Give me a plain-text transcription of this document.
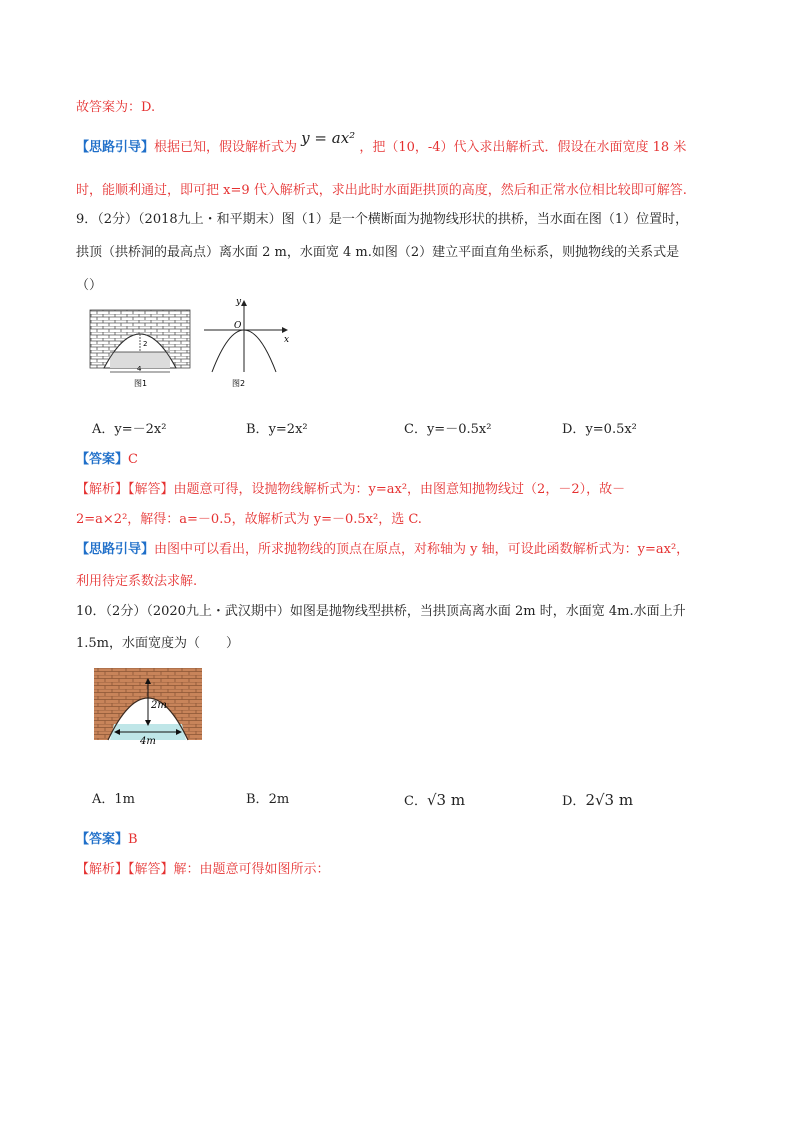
故答案为：D.
【思路引导】根据已知，假设解析式为 y = ax² ，把（10，-4）代入求出解析式．假设在水面宽度 18 米
时，能顺利通过，即可把 x=9 代入解析式，求出此时水面距拱顶的高度，然后和正常水位相比较即可解答.
9．（2分）（2018九上・和平期末）图（1）是一个横断面为抛物线形状的拱桥，当水面在图（1）位置时，
拱顶（拱桥洞的最高点）离水面 2 m，水面宽 4 m.如图（2）建立平面直角坐标系，则抛物线的关系式是
（）
2
4
图1
y
x
O
图2
A．y=－2x²	B．y=2x²	C．y=－0.5x²	D．y=0.5x²
【答案】C
【解析】【解答】由题意可得，设抛物线解析式为：y=ax²，由图意知抛物线过（2，－2），故－
2=a×2²，解得：a=－0.5，故解析式为 y=－0.5x²，选 C.
【思路引导】由图中可以看出，所求抛物线的顶点在原点，对称轴为 y 轴，可设此函数解析式为：y=ax²，
利用待定系数法求解.
10．（2分）（2020九上・武汉期中）如图是抛物线型拱桥，当拱顶高离水面 2m 时，水面宽 4m.水面上升
1.5m，水面宽度为（　　）
2m
4m
A．1m	B．2m	C．√3 m	D．2√3 m
【答案】B
【解析】【解答】解：由题意可得如图所示：
